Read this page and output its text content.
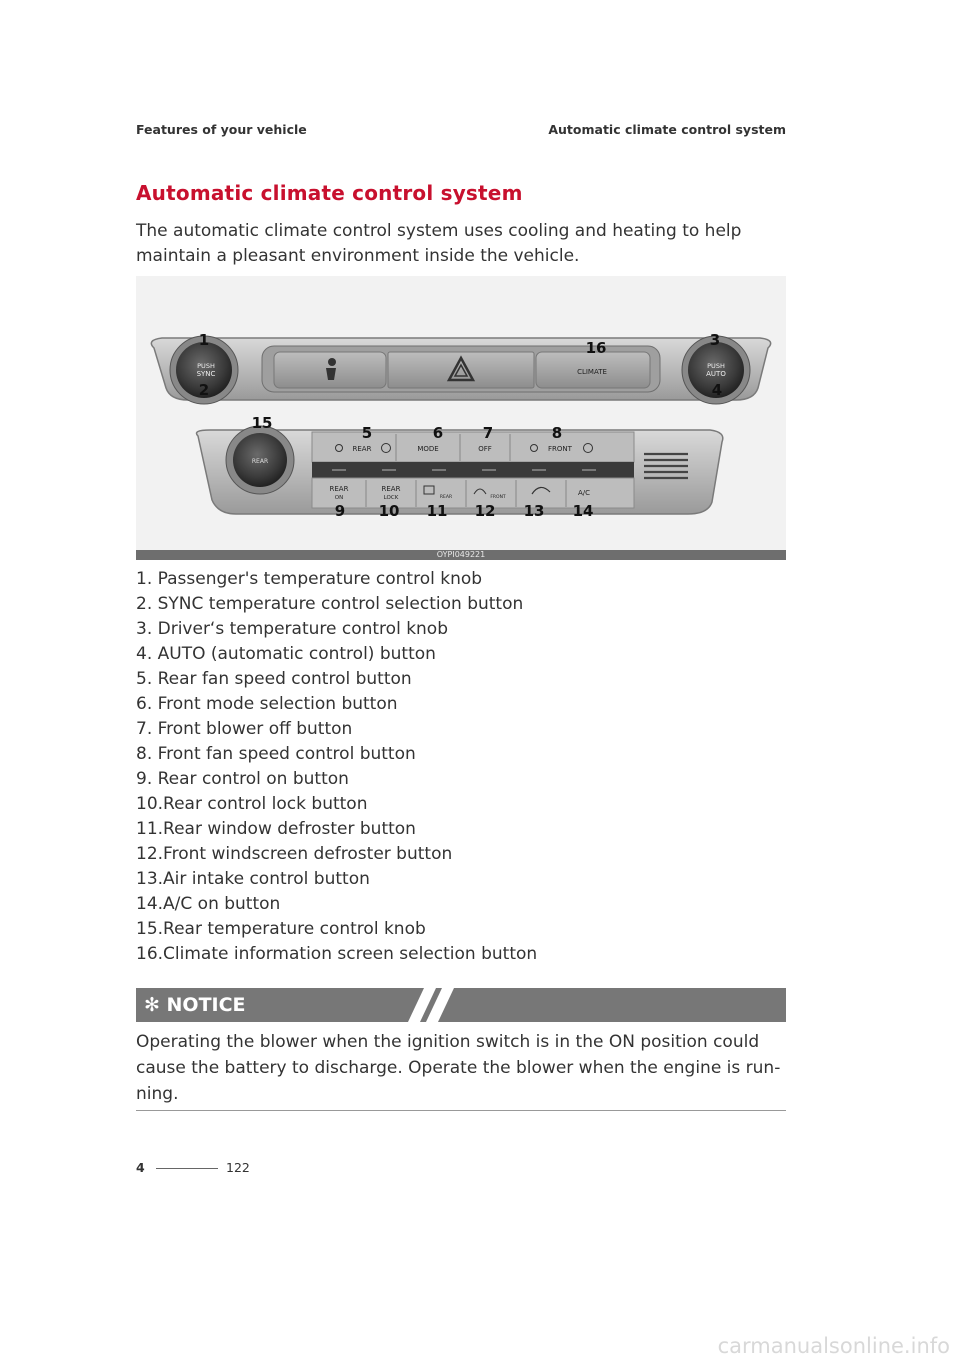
Features of your vehicle	Automatic climate control system
Automatic climate control system

The automatic climate control system uses cooling and heating to help maintain a pleasant environment inside the vehicle.

CLIMATE
PUSH
SYNC
PUSH
AUTO
REAR	MODE	OFF	FRONT
REAR
ON
REAR
LOCK	REAR	FRONT
A/C
REAR
1
2
3
4
5	6	7	8
9 10 11 12 13 14
15
16
OYPI049221
1. Passenger's temperature control knob
2. SYNC temperature control selection button
3. Driver‘s temperature control knob
4. AUTO (automatic control) button
5. Rear fan speed control button
6. Front mode selection button
7. Front blower off button
8. Front fan speed control button
9. Rear control on button
10.Rear control lock button
11.Rear window defroster button
12.Front windscreen defroster button
13.Air intake control button
14.A/C on button
15.Rear temperature control knob
16.Climate information screen selection button
✻ NOTICE

Operating the blower when the ignition switch is in the ON position could cause the battery to discharge. Operate the blower when the engine is run-ning.

4	122
carmanualsonline.info
